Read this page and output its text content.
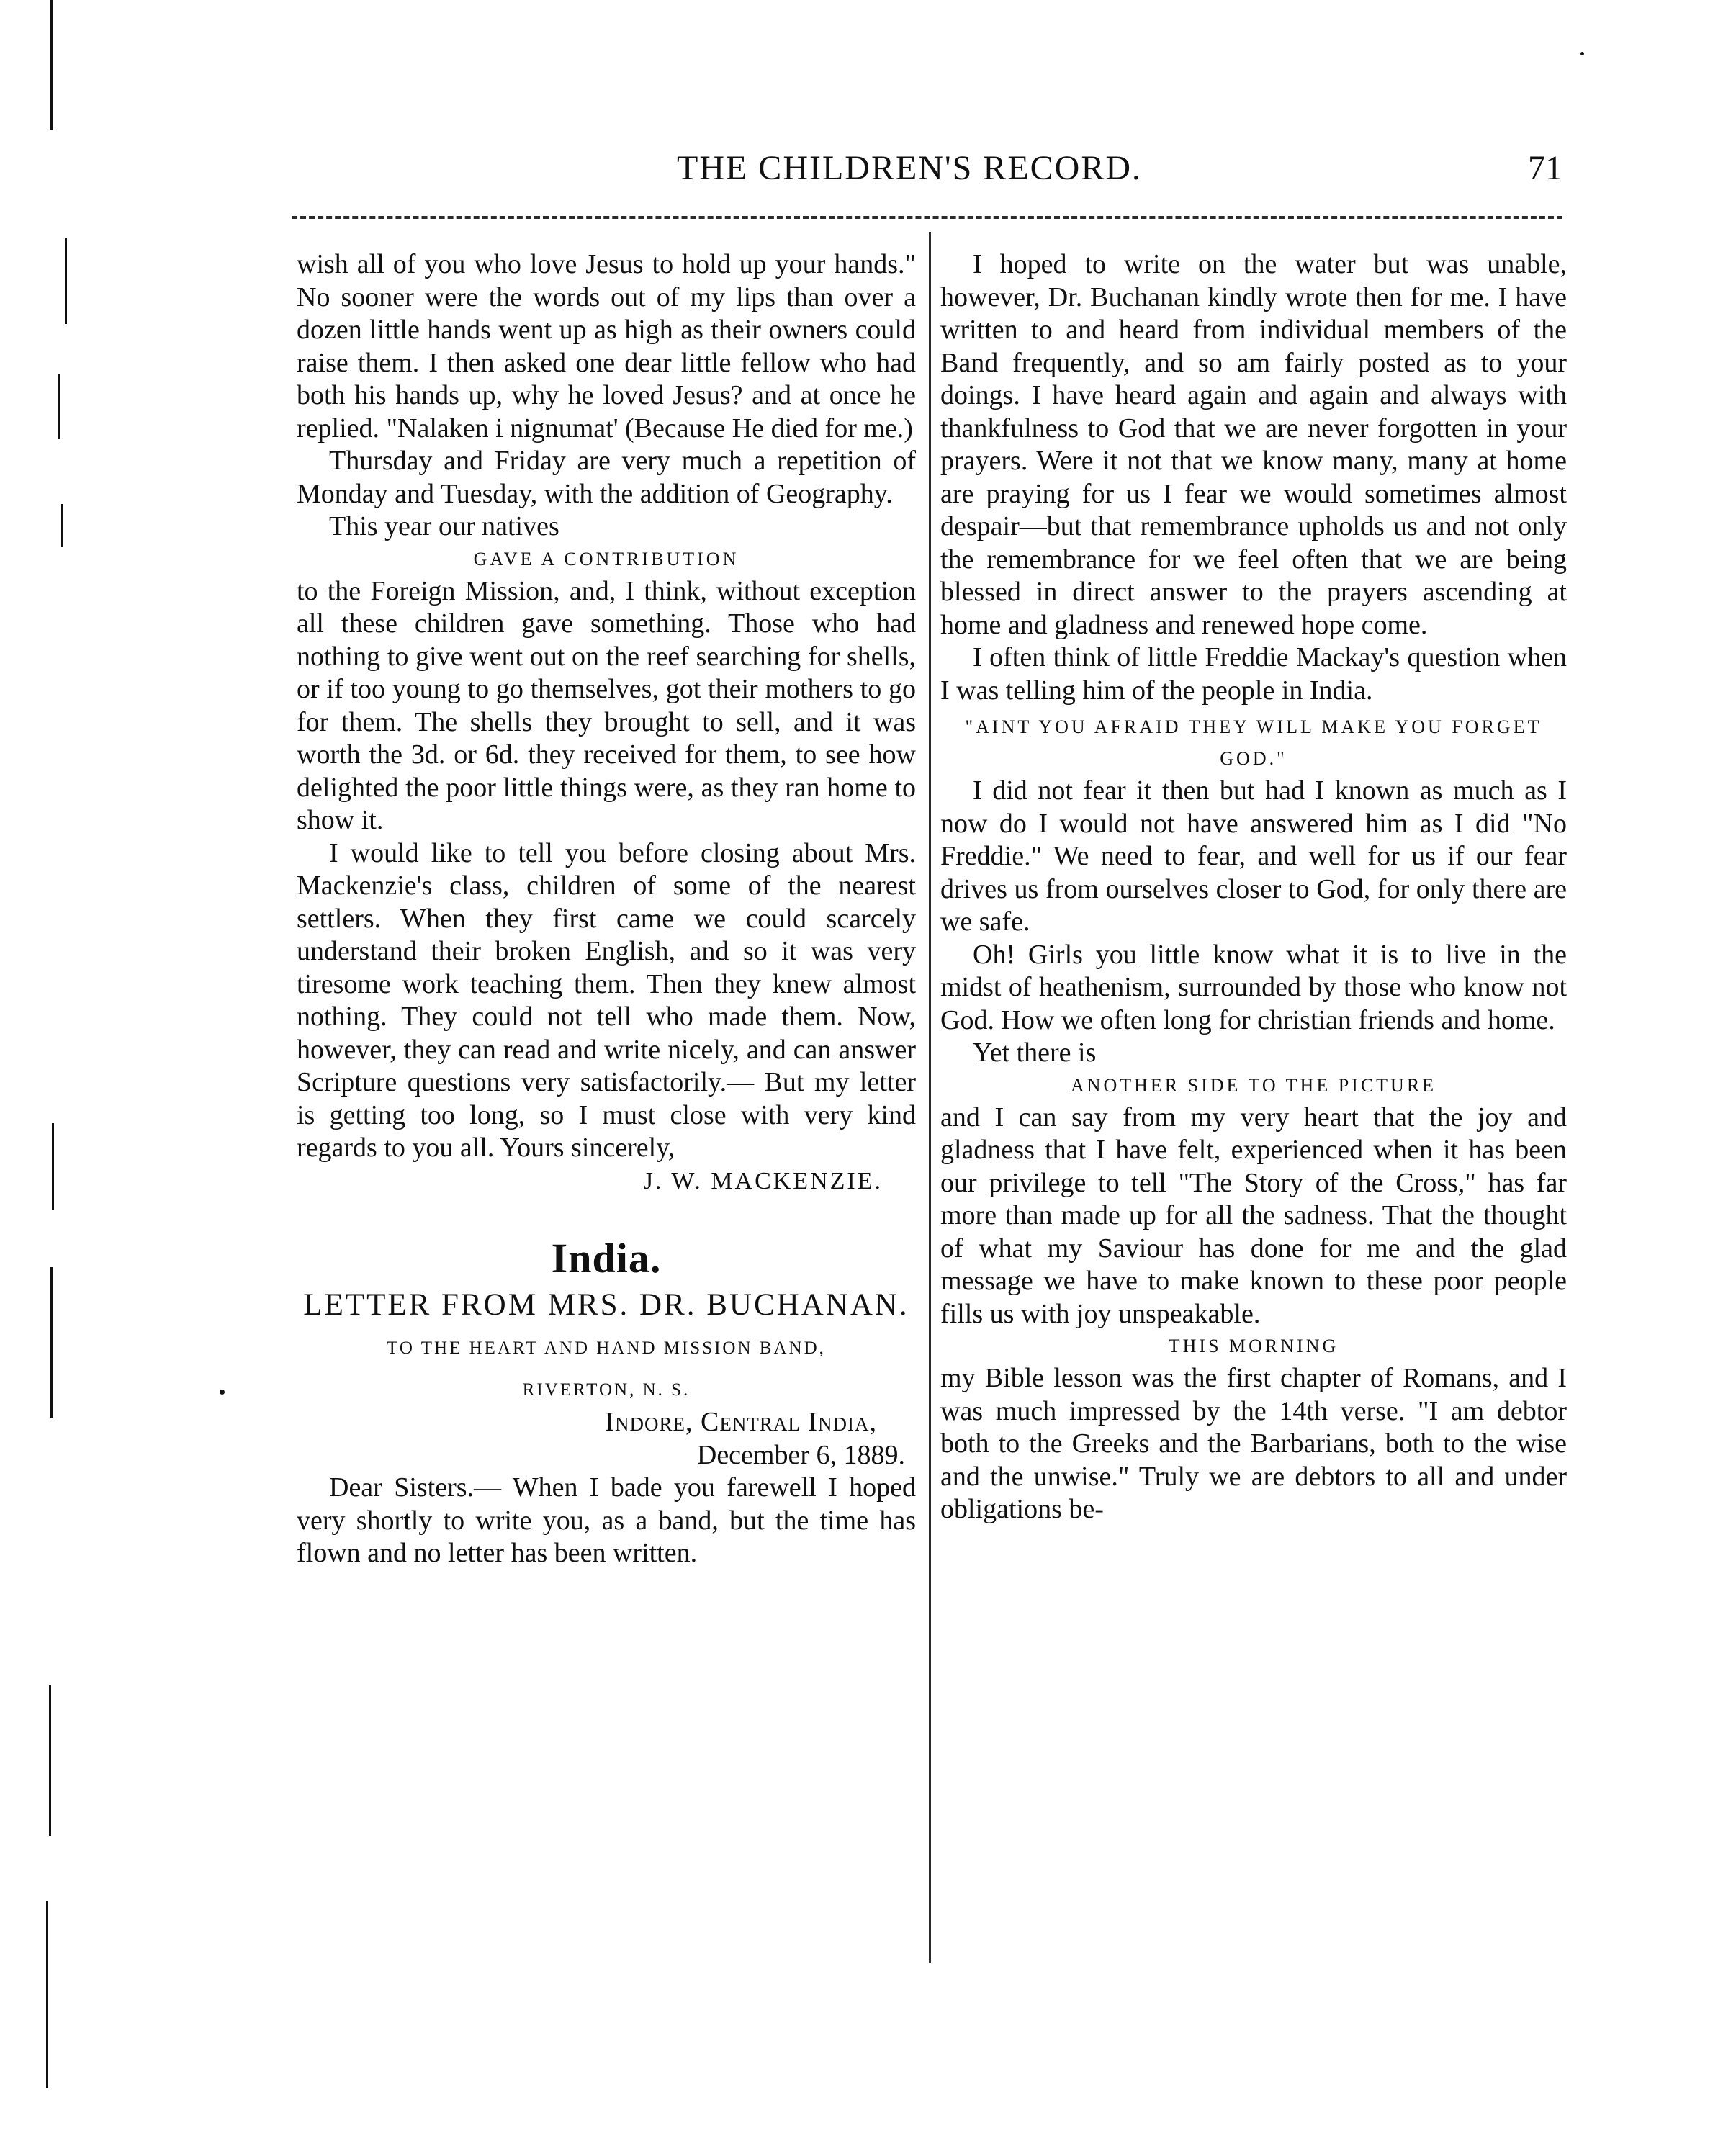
THE CHILDREN'S RECORD.	71

wish all of you who love Jesus to hold up your hands." No sooner were the words out of my lips than over a dozen little hands went up as high as their owners could raise them. I then asked one dear little fellow who had both his hands up, why he loved Jesus? and at once he replied. "Nalaken i nignumat' (Because He died for me.)

Thursday and Friday are very much a repetition of Monday and Tuesday, with the addition of Geography.

This year our natives

GAVE A CONTRIBUTION

to the Foreign Mission, and, I think, without exception all these children gave something. Those who had nothing to give went out on the reef searching for shells, or if too young to go themselves, got their mothers to go for them. The shells they brought to sell, and it was worth the 3d. or 6d. they received for them, to see how delighted the poor little things were, as they ran home to show it.

I would like to tell you before closing about Mrs. Mackenzie's class, children of some of the nearest settlers. When they first came we could scarcely understand their broken English, and so it was very tiresome work teaching them. Then they knew almost nothing. They could not tell who made them. Now, however, they can read and write nicely, and can answer Scripture questions very satisfactorily.— But my letter is getting too long, so I must close with very kind regards to you all. Yours sincerely,

J. W. MACKENZIE.

India.

LETTER FROM MRS. DR. BUCHANAN.

TO THE HEART AND HAND MISSION BAND,

RIVERTON, N. S.

Indore, Central India,

December 6, 1889.

Dear Sisters.— When I bade you farewell I hoped very shortly to write you, as a band, but the time has flown and no letter has been written.

I hoped to write on the water but was unable, however, Dr. Buchanan kindly wrote then for me. I have written to and heard from individual members of the Band frequently, and so am fairly posted as to your doings. I have heard again and again and always with thankfulness to God that we are never forgotten in your prayers. Were it not that we know many, many at home are praying for us I fear we would sometimes almost despair—but that remembrance upholds us and not only the remembrance for we feel often that we are being blessed in direct answer to the prayers ascending at home and gladness and renewed hope come.

I often think of little Freddie Mackay's question when I was telling him of the people in India.

"AINT YOU AFRAID THEY WILL MAKE YOU FORGET GOD."

I did not fear it then but had I known as much as I now do I would not have answered him as I did "No Freddie." We need to fear, and well for us if our fear drives us from ourselves closer to God, for only there are we safe.

Oh! Girls you little know what it is to live in the midst of heathenism, surrounded by those who know not God. How we often long for christian friends and home.

Yet there is

ANOTHER SIDE TO THE PICTURE

and I can say from my very heart that the joy and gladness that I have felt, experienced when it has been our privilege to tell "The Story of the Cross," has far more than made up for all the sadness. That the thought of what my Saviour has done for me and the glad message we have to make known to these poor people fills us with joy unspeakable.

THIS MORNING

my Bible lesson was the first chapter of Romans, and I was much impressed by the 14th verse. "I am debtor both to the Greeks and the Barbarians, both to the wise and the unwise." Truly we are debtors to all and under obligations be-
